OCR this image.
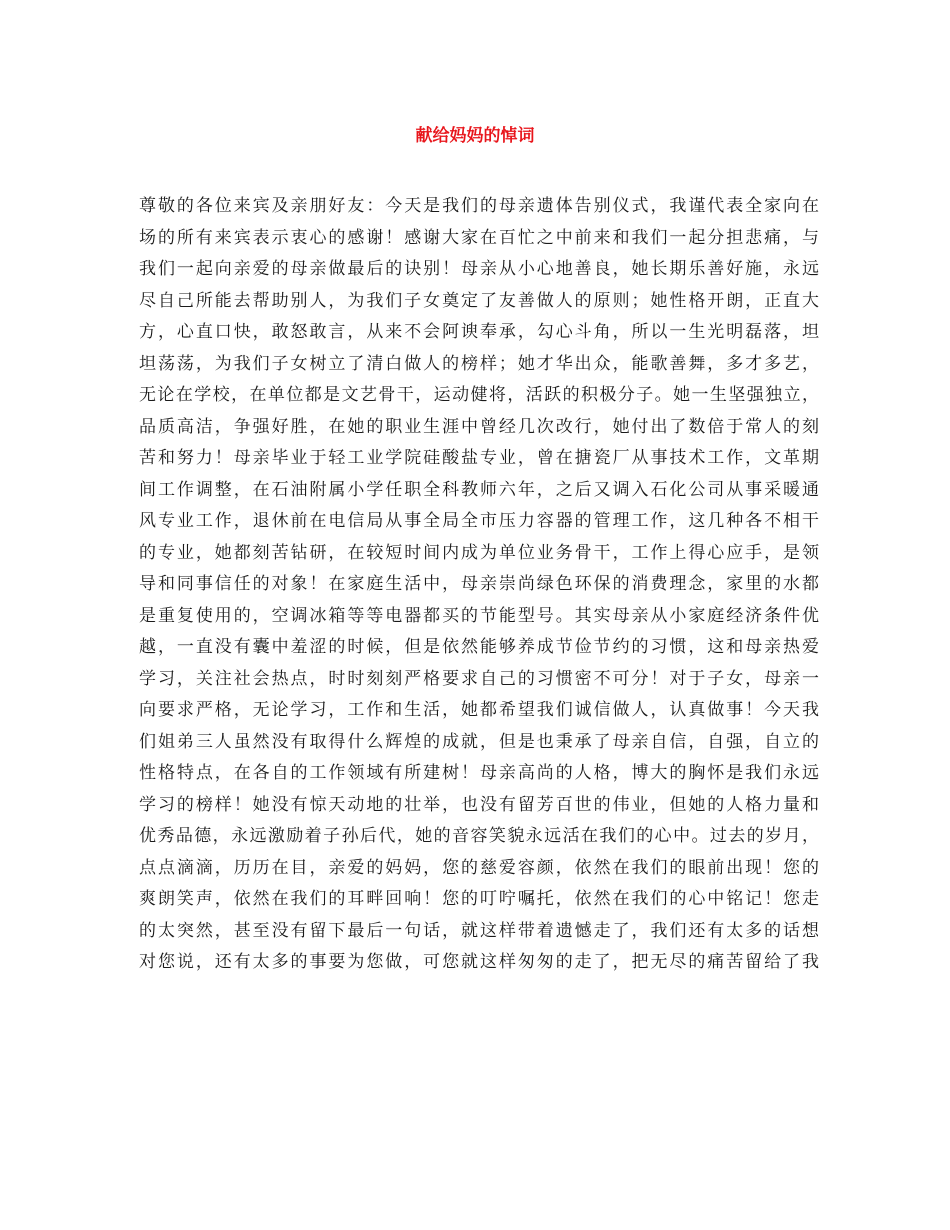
献给妈妈的悼词
尊敬的各位来宾及亲朋好友：今天是我们的母亲遗体告别仪式，我谨代表全家向在
场的所有来宾表示衷心的感谢！感谢大家在百忙之中前来和我们一起分担悲痛，与
我们一起向亲爱的母亲做最后的诀别！母亲从小心地善良，她长期乐善好施，永远
尽自己所能去帮助别人，为我们子女奠定了友善做人的原则；她性格开朗，正直大
方，心直口快，敢怒敢言，从来不会阿谀奉承，勾心斗角，所以一生光明磊落，坦
坦荡荡，为我们子女树立了清白做人的榜样；她才华出众，能歌善舞，多才多艺，
无论在学校，在单位都是文艺骨干，运动健将，活跃的积极分子。她一生坚强独立，
品质高洁，争强好胜，在她的职业生涯中曾经几次改行，她付出了数倍于常人的刻
苦和努力！母亲毕业于轻工业学院硅酸盐专业，曾在搪瓷厂从事技术工作，文革期
间工作调整，在石油附属小学任职全科教师六年，之后又调入石化公司从事采暖通
风专业工作，退休前在电信局从事全局全市压力容器的管理工作，这几种各不相干
的专业，她都刻苦钻研，在较短时间内成为单位业务骨干，工作上得心应手，是领
导和同事信任的对象！在家庭生活中，母亲崇尚绿色环保的消费理念，家里的水都
是重复使用的，空调冰箱等等电器都买的节能型号。其实母亲从小家庭经济条件优
越，一直没有囊中羞涩的时候，但是依然能够养成节俭节约的习惯，这和母亲热爱
学习，关注社会热点，时时刻刻严格要求自己的习惯密不可分！对于子女，母亲一
向要求严格，无论学习，工作和生活，她都希望我们诚信做人，认真做事！今天我
们姐弟三人虽然没有取得什么辉煌的成就，但是也秉承了母亲自信，自强，自立的
性格特点，在各自的工作领域有所建树！母亲高尚的人格，博大的胸怀是我们永远
学习的榜样！她没有惊天动地的壮举，也没有留芳百世的伟业，但她的人格力量和
优秀品德，永远激励着子孙后代，她的音容笑貌永远活在我们的心中。过去的岁月，
点点滴滴，历历在目，亲爱的妈妈，您的慈爱容颜，依然在我们的眼前出现！您的
爽朗笑声，依然在我们的耳畔回响！您的叮咛嘱托，依然在我们的心中铭记！您走
的太突然，甚至没有留下最后一句话，就这样带着遗憾走了，我们还有太多的话想
对您说，还有太多的事要为您做，可您就这样匆匆的走了，把无尽的痛苦留给了我
